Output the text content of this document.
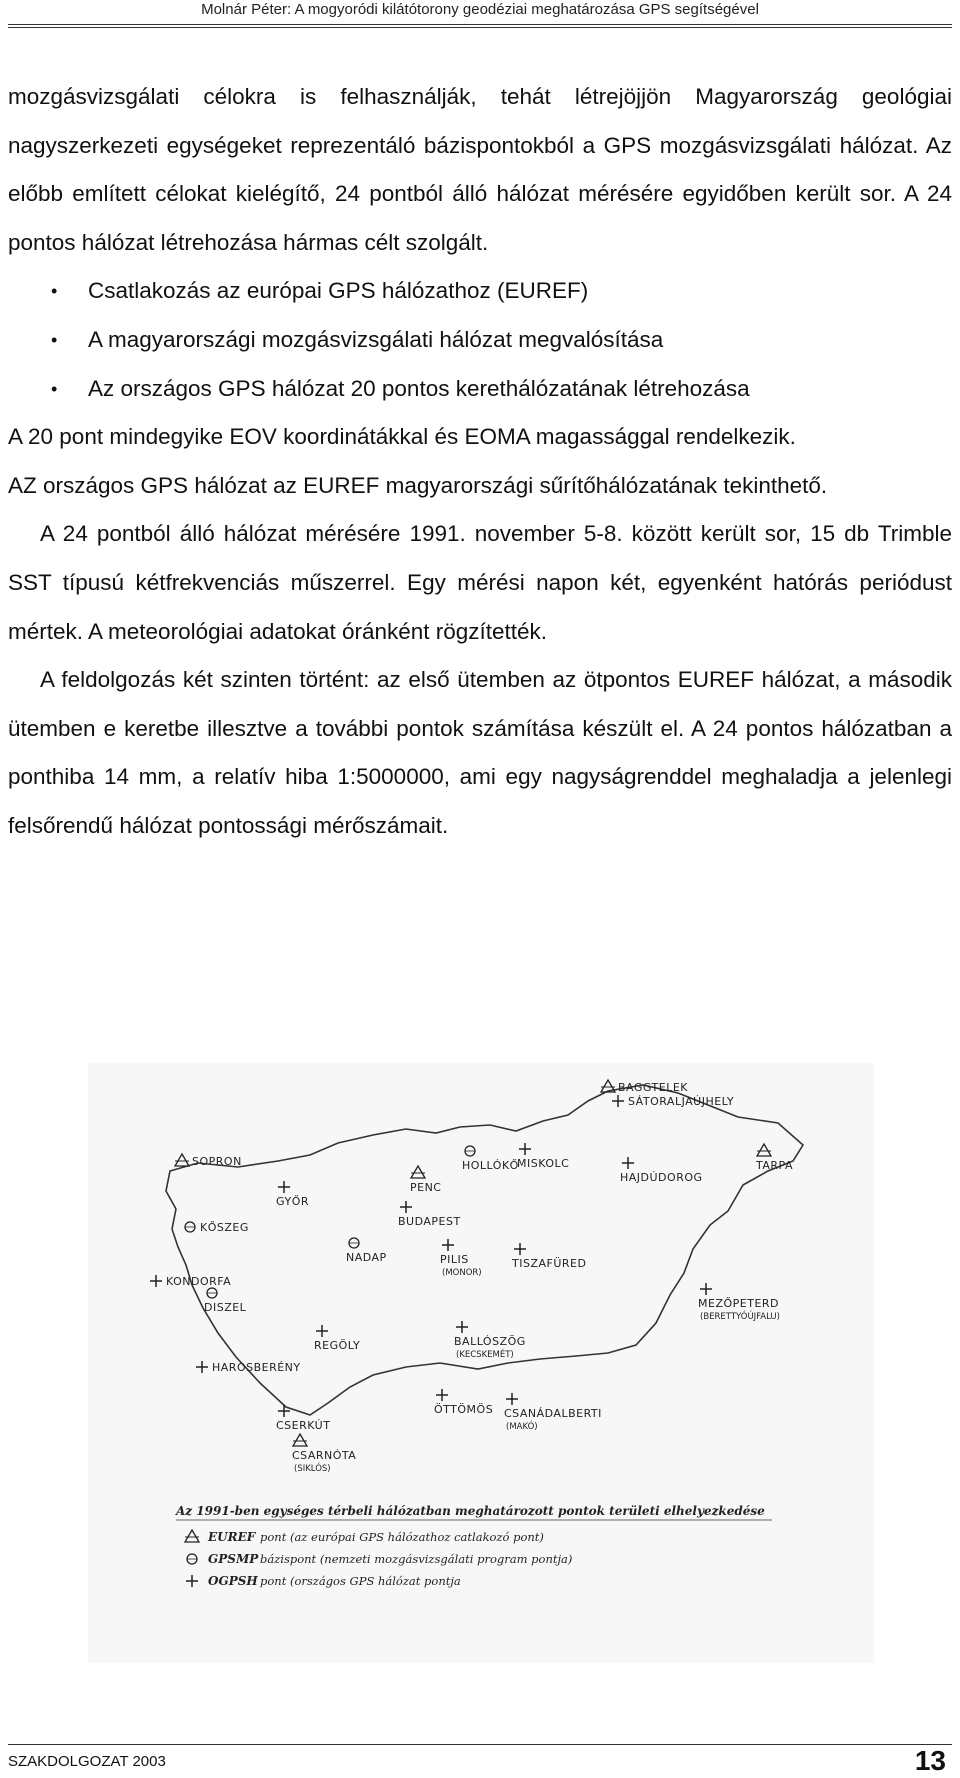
Molnár Péter: A mogyoródi kilátótorony geodéziai meghatározása GPS segítségével

mozgásvizsgálati célokra is felhasználják, tehát létrejöjjön Magyarország geológiai nagyszerkezeti egységeket reprezentáló bázispontokból a GPS mozgásvizsgálati hálózat. Az előbb említett célokat kielégítő, 24 pontból álló hálózat mérésére egyidőben került sor. A 24 pontos hálózat létrehozása hármas célt szolgált.

• Csatlakozás az európai GPS hálózathoz (EUREF)
• A magyarországi mozgásvizsgálati hálózat megvalósítása
• Az országos GPS hálózat 20 pontos kerethálózatának létrehozása

A 20 pont mindegyike EOV koordinátákkal és EOMA magassággal rendelkezik.

AZ országos GPS hálózat az EUREF magyarországi sűrítőhálózatának tekinthető.

A 24 pontból álló hálózat mérésére 1991. november 5-8. között került sor, 15 db Trimble SST típusú kétfrekvenciás műszerrel. Egy mérési napon két, egyenként hatórás periódust mértek. A meteorológiai adatokat óránként rögzítették.

A feldolgozás két szinten történt: az első ütemben az ötpontos EUREF hálózat, a második ütemben e keretbe illesztve a további pontok számítása készült el. A 24 pontos hálózatban a ponthiba 14 mm, a relatív hiba 1:5000000, ami egy nagyságrenddel meghaladja a jelenlegi felsőrendű hálózat pontossági mérőszámait.

BAGGTELEK
SÁTORALJAÚJHELY
HOLLÓKŐ
MISKOLC	TARPA
SOPRON
GYŐR
PENC
HAJDÚDOROG
BUDAPEST
KŐSZEG
NADAP	PILIS
(MONOR)
TISZAFÜRED
KONDORFA
MEZŐPETERD
(BERETTYÓÚJFALU)
DISZEL
BALLÓSZÖG
(KECSKEMÉT)
REGÖLY
HAROSBERÉNY
ÖTTÖMÖS CSANÁDALBERTI
(MAKÓ)
CSERKÚT
CSARNÓTA
(SIKLÓS)
Az 1991-ben egységes térbeli hálózatban meghatározott pontok területi elhelyezkedése
EUREF pont (az európai GPS hálózathoz catlakozó pont)
GPSMP bázispont (nemzeti mozgásvizsgálati program pontja)
OGPSH pont (országos GPS hálózat pontja
SZAKDOLGOZAT 2003	13
